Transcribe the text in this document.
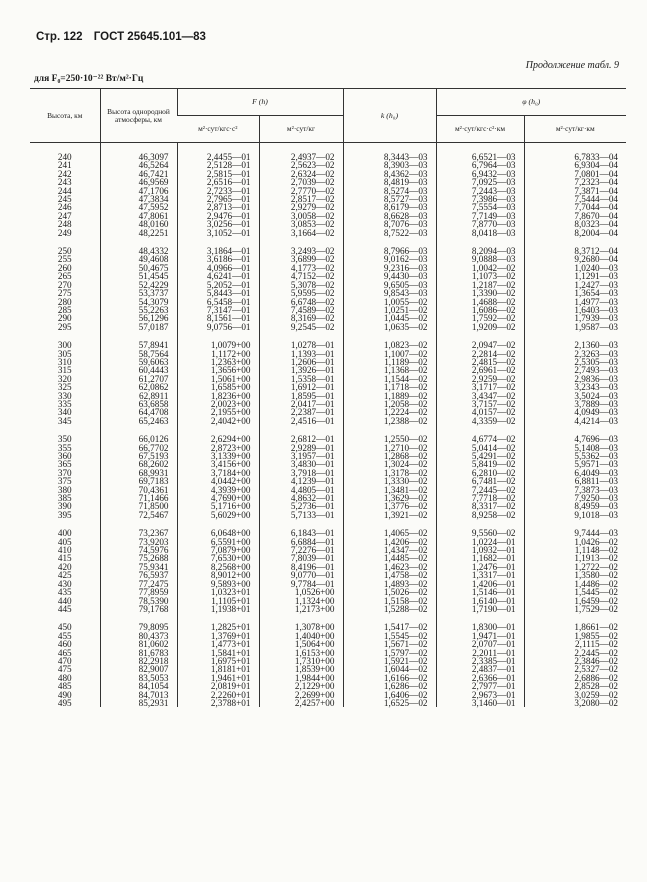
Стр. 122 ГОСТ 25645.101—83
Продолжение табл. 9
для F₀=250·10⁻²² Вт/м²·Гц
Высота, км	Высота однородной атмосферы, км	F (h)		k (h₀)	φ (h₀)	
		м²·сут/кгс·с²	м²·сут/кг		м²·сут/кгс·с²·км	м²·сут/кг·км

240	46,3097	2,4455—01	2,4937—02	8,3443—03	6,6521—03	6,7833—04
241	46,5264	2,5128—01	2,5623—02	8,3903—03	6,7964—03	6,9304—04
242	46,7421	2,5815—01	2,6324—02	8,4362—03	6,9432—03	7,0801—04
243	46,9569	2,6516—01	2,7039—02	8,4819—03	7,0925—03	7,2323—04
244	47,1706	2,7233—01	2,7770—02	8,5274—03	7,2443—03	7,3871—04
245	47,3834	2,7965—01	2,8517—02	8,5727—03	7,3986—03	7,5444—04
246	47,5952	2,8713—01	2,9279—02	8,6179—03	7,5554—03	7,7044—04
247	47,8061	2,9476—01	3,0058—02	8,6628—03	7,7149—03	7,8670—04
248	48,0160	3,0256—01	3,0853—02	8,7076—03	7,8770—03	8,0323—04
249	48,2251	3,1052—01	3,1664—02	8,7522—03	8,0418—03	8,2004—04

250	48,4332	3,1864—01	3,2493—02	8,7966—03	8,2094—03	8,3712—04
255	49,4608	3,6186—01	3,6899—02	9,0162—03	9,0888—03	9,2680—04
260	50,4675	4,0966—01	4,1773—02	9,2316—03	1,0042—02	1,0240—03
265	51,4545	4,6241—01	4,7152—02	9,4430—03	1,1073—02	1,1291—03
270	52,4229	5,2052—01	5,3078—02	9,6505—03	1,2187—02	1,2427—03
275	53,3737	5,8443—01	5,9595—02	9,8543—03	1,3390—02	1,3654—03
280	54,3079	6,5458—01	6,6748—02	1,0055—02	1,4688—02	1,4977—03
285	55,2263	7,3147—01	7,4589—02	1,0251—02	1,6086—02	1,6403—03
290	56,1296	8,1561—01	8,3169—02	1,0445—02	1,7592—02	1,7939—03
295	57,0187	9,0756—01	9,2545—02	1,0635—02	1,9209—02	1,9587—03

300	57,8941	1,0079+00	1,0278—01	1,0823—02	2,0947—02	2,1360—03
305	58,7564	1,1172+00	1,1393—01	1,1007—02	2,2814—02	2,3263—03
310	59,6063	1,2363+00	1,2606—01	1,1189—02	2,4815—02	2,5305—03
315	60,4443	1,3656+00	1,3926—01	1,1368—02	2,6961—02	2,7493—03
320	61,2707	1,5061+00	1,5358—01	1,1544—02	2,9259—02	2,9836—03
325	62,0862	1,6585+00	1,6912—01	1,1718—02	3,1717—02	3,2343—03
330	62,8911	1,8236+00	1,8595—01	1,1889—02	3,4347—02	3,5024—03
335	63,6858	2,0023+00	2,0417—01	1,2058—02	3,7157—02	3,7889—03
340	64,4708	2,1955+00	2,2387—01	1,2224—02	4,0157—02	4,0949—03
345	65,2463	2,4042+00	2,4516—01	1,2388—02	4,3359—02	4,4214—03

350	66,0126	2,6294+00	2,6812—01	1,2550—02	4,6774—02	4,7696—03
355	66,7702	2,8723+00	2,9289—01	1,2710—02	5,0414—02	5,1408—03
360	67,5193	3,1339+00	3,1957—01	1,2868—02	5,4291—02	5,5362—03
365	68,2602	3,4156+00	3,4830—01	1,3024—02	5,8419—02	5,9571—03
370	68,9931	3,7184+00	3,7918—01	1,3178—02	6,2810—02	6,4049—03
375	69,7183	4,0442+00	4,1239—01	1,3330—02	6,7481—02	6,8811—03
380	70,4361	4,3939+00	4,4805—01	1,3481—02	7,2445—02	7,3873—03
385	71,1466	4,7690+00	4,8632—01	1,3629—02	7,7718—02	7,9250—03
390	71,8500	5,1716+00	5,2736—01	1,3776—02	8,3317—02	8,4959—03
395	72,5467	5,6029+00	5,7133—01	1,3921—02	8,9258—02	9,1018—03

400	73,2367	6,0648+00	6,1843—01	1,4065—02	9,5560—02	9,7444—03
405	73,9203	6,5591+00	6,6884—01	1,4206—02	1,0224—01	1,0426—02
410	74,5976	7,0879+00	7,2276—01	1,4347—02	1,0932—01	1,1148—02
415	75,2688	7,6530+00	7,8039—01	1,4485—02	1,1682—01	1,1913—02
420	75,9341	8,2568+00	8,4196—01	1,4623—02	1,2476—01	1,2722—02
425	76,5937	8,9012+00	9,0770—01	1,4758—02	1,3317—01	1,3580—02
430	77,2475	9,5893+00	9,7784—01	1,4893—02	1,4206—01	1,4486—02
435	77,8959	1,0323+01	1,0526+00	1,5026—02	1,5146—01	1,5445—02
440	78,5390	1,1105+01	1,1324+00	1,5158—02	1,6140—01	1,6459—02
445	79,1768	1,1938+01	1,2173+00	1,5288—02	1,7190—01	1,7529—02

450	79,8095	1,2825+01	1,3078+00	1,5417—02	1,8300—01	1,8661—02
455	80,4373	1,3769+01	1,4040+00	1,5545—02	1,9471—01	1,9855—02
460	81,0602	1,4773+01	1,5064+00	1,5671—02	2,0707—01	2,1115—02
465	81,6783	1,5841+01	1,6153+00	1,5797—02	2,2011—01	2,2445—02
470	82,2918	1,6975+01	1,7310+00	1,5921—02	2,3385—01	2,3846—02
475	82,9007	1,8181+01	1,8539+00	1,6044—02	2,4837—01	2,5327—02
480	83,5053	1,9461+01	1,9844+00	1,6166—02	2,6366—01	2,6886—02
485	84,1054	2,0819+01	2,1229+00	1,6286—02	2,7977—01	2,8528—02
490	84,7013	2,2260+01	2,2699+00	1,6406—02	2,9673—01	3,0259—02
495	85,2931	2,3788+01	2,4257+00	1,6525—02	3,1460—01	3,2080—02
